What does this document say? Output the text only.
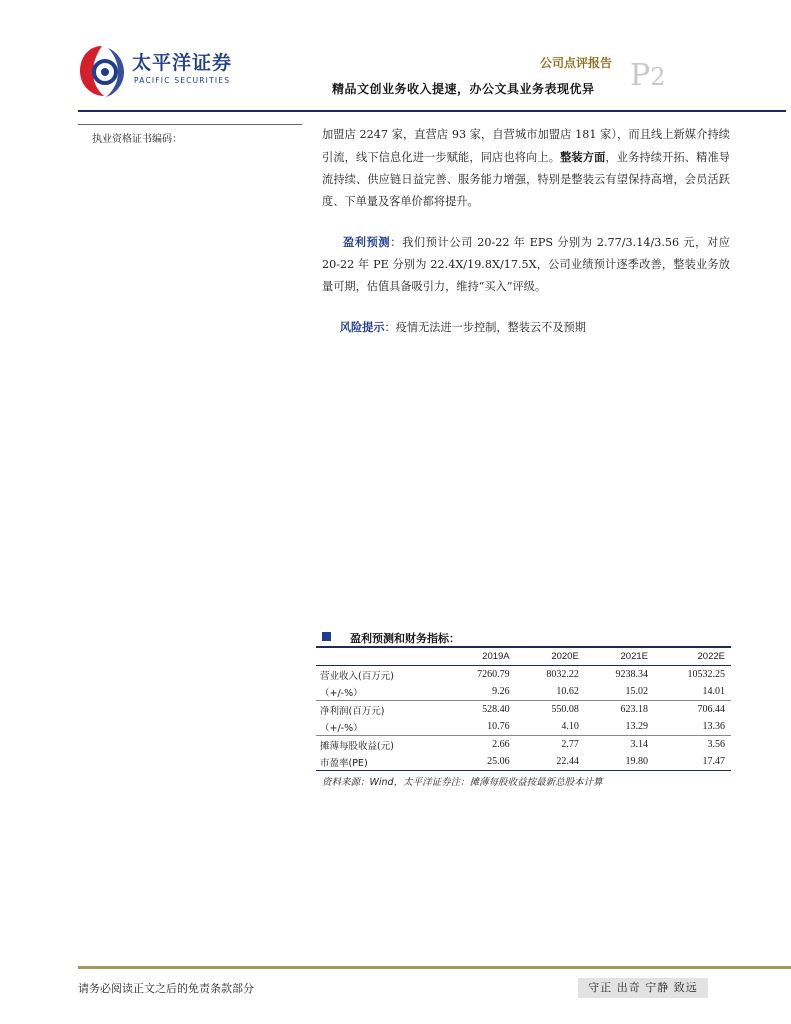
太平洋证券
PACIFIC SECURITIES
公司点评报告
精品文创业务收入提速，办公文具业务表现优异 P2
执业资格证书编码：	加盟店 2247 家，直营店 93 家，自营城市加盟店 181 家），而且线上新媒介持续引流，线下信息化进一步赋能，同店也将向上。整装方面，业务持续开拓、精准导流持续、供应链日益完善、服务能力增强，特别是整装云有望保持高增，会员活跃度、下单量及客单价都将提升。

盈利预测：我们预计公司 20-22 年 EPS 分别为 2.77/3.14/3.56 元，对应 20-22 年 PE 分别为 22.4X/19.8X/17.5X，公司业绩预计逐季改善，整装业务放量可期，估值具备吸引力，维持“买入”评级。

风险提示：疫情无法进一步控制，整装云不及预期

盈利预测和财务指标：
	2019A	2020E	2021E	2022E
营业收入(百万元)	7260.79	8032.22	9238.34	10532.25
（+/-%）	9.26	10.62	15.02	14.01
净利润(百万元)	528.40	550.08	623.18	706.44
（+/-%）	10.76	4.10	13.29	13.36
摊薄每股收益(元)	2.66	2.77	3.14	3.56
市盈率(PE)	25.06	22.44	19.80	17.47
资料来源：Wind，太平洋证券注：摊薄每股收益按最新总股本计算
请务必阅读正文之后的免责条款部分	守正 出奇 宁静 致远
